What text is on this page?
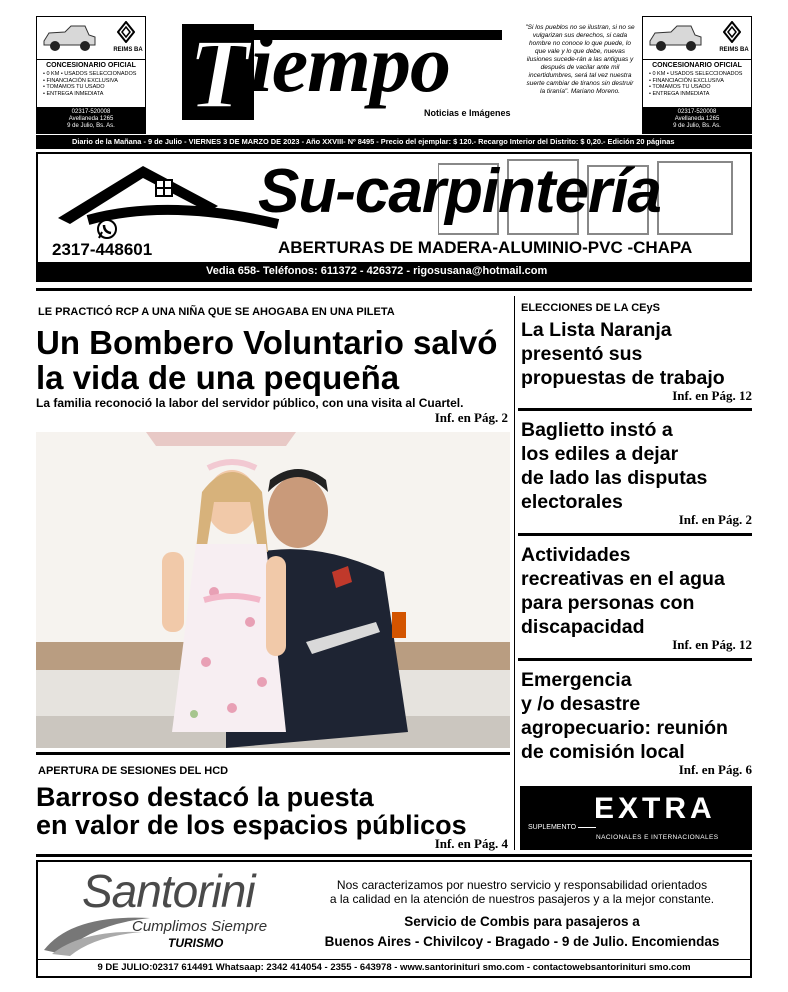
REIMS BA
CONCESIONARIO OFICIAL
• 0 KM • USADOS SELECCIONADOS
• FINANCIACIÓN EXCLUSIVA
• TOMAMOS TU USADO
• ENTREGA INMEDIATA
02317-520008
Avellaneda 1265
9 de Julio, Bs. As.
REIMS BA
CONCESIONARIO OFICIAL
• 0 KM • USADOS SELECCIONADOS
• FINANCIACIÓN EXCLUSIVA
• TOMAMOS TU USADO
• ENTREGA INMEDIATA
02317-520008
Avellaneda 1265
9 de Julio, Bs. As.
T iempo
Noticias e Imágenes
"Si los pueblos no se ilustran, si no se vulgarizan sus derechos, si cada hombre no conoce lo que puede, lo que vale y lo que debe, nuevas ilusiones sucede-rán a las antiguas y después de vacilar ante mil incertidumbres, será tal vez nuestra suerte cambiar de tiranos sin destruir la tiranía". Mariano Moreno.
Diario de la Mañana - 9 de Julio - VIERNES 3 DE MARZO DE 2023 - Año XXVIII- Nº 8495 - Precio del ejemplar: $ 120.- Recargo Interior del Distrito: $ 0,20.- Edición 20 páginas
Su-carpintería
2317-448601	ABERTURAS DE MADERA-ALUMINIO-PVC -CHAPA
Vedia 658- Teléfonos: 611372 - 426372 - rigosusana@hotmail.com
LE PRACTICÓ RCP A UNA NIÑA QUE SE AHOGABA EN UNA PILETA
Un Bombero Voluntario salvó
la vida de una pequeña
La familia reconoció la labor del servidor público, con una visita al Cuartel.
Inf. en Pág. 2
APERTURA DE SESIONES DEL HCD
Barroso destacó la puesta
en valor de los espacios públicos
Inf. en Pág. 4
ELECCIONES DE LA CEyS
La Lista Naranja
presentó sus
propuestas de trabajo
Inf. en Pág. 12
Baglietto instó a
los ediles a dejar
de lado las disputas
electorales
Inf. en Pág. 2
Actividades
recreativas en el agua
para personas con
discapacidad
Inf. en Pág. 12
Emergencia
y /o desastre
agropecuario: reunión
de comisión local
Inf. en Pág. 6
EXTRA
SUPLEMENTO
NACIONALES E INTERNACIONALES
Santorini
Cumplimos Siempre
TURISMO
Nos caracterizamos por nuestro servicio y responsabilidad orientados
a la calidad en la atención de nuestros pasajeros y a la mejor constante.
Servicio de Combis para pasajeros a
Buenos Aires - Chivilcoy - Bragado - 9 de Julio. Encomiendas
9 DE JULIO:02317 614491 Whatsaap: 2342 414054 - 2355 - 643978 - www.santorinituri smo.com - contactowebsantorinituri smo.com
